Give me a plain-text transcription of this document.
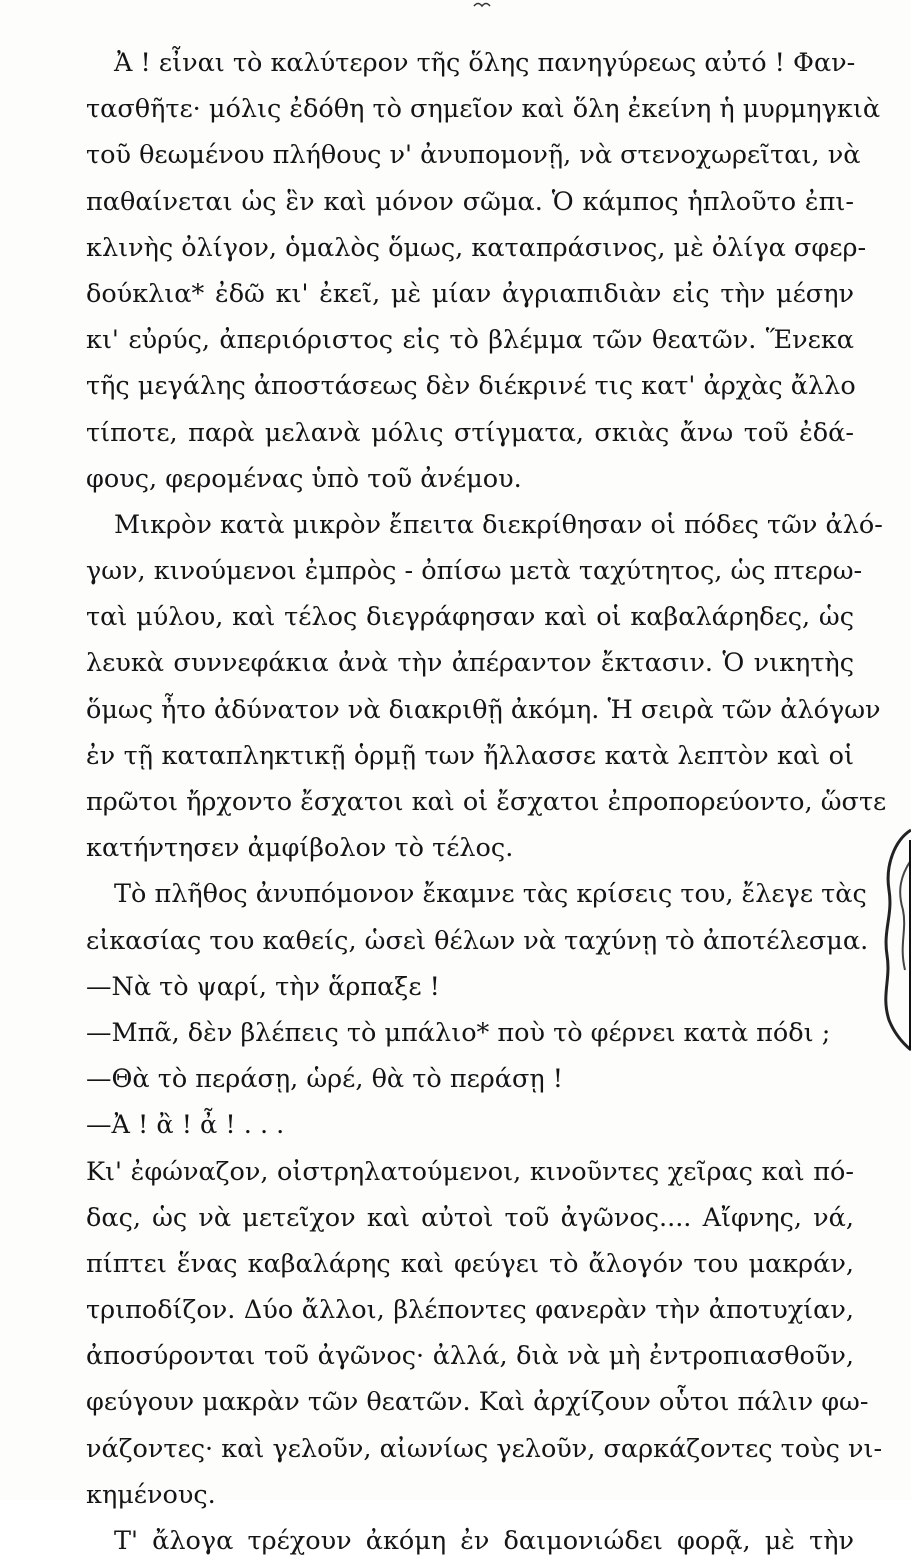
Ἀ ! εἶναι τὸ καλύτερον τῆς ὅλης πανηγύρεως αὐτό ! Φαν-
τασθῆτε· μόλις ἐδόθη τὸ σημεῖον καὶ ὅλη ἐκείνη ἡ μυρμηγκιὰ
τοῦ θεωμένου πλήθους ν' ἀνυπομονῇ, νὰ στενοχωρεῖται, νὰ
παθαίνεται ὡς ἓν καὶ μόνον σῶμα. Ὁ κάμπος ἡπλοῦτο ἐπι-
κλινὴς ὀλίγον, ὁμαλὸς ὅμως, καταπράσινος, μὲ ὀλίγα σφερ-
δούκλια* ἐδῶ κι' ἐκεῖ, μὲ μίαν ἀγριαπιδιὰν εἰς τὴν μέσην
κι' εὐρύς, ἀπεριόριστος εἰς τὸ βλέμμα τῶν θεατῶν. Ἕνεκα
τῆς μεγάλης ἀποστάσεως δὲν διέκρινέ τις κατ' ἀρχὰς ἄλλο
τίποτε, παρὰ μελανὰ μόλις στίγματα, σκιὰς ἄνω τοῦ ἐδά-
φους, φερομένας ὑπὸ τοῦ ἀνέμου.
Μικρὸν κατὰ μικρὸν ἔπειτα διεκρίθησαν οἱ πόδες τῶν ἀλό-
γων, κινούμενοι ἐμπρὸς - ὀπίσω μετὰ ταχύτητος, ὡς πτερω-
ταὶ μύλου, καὶ τέλος διεγράφησαν καὶ οἱ καβαλάρηδες, ὡς
λευκὰ συννεφάκια ἀνὰ τὴν ἀπέραντον ἔκτασιν. Ὁ νικητὴς
ὅμως ἦτο ἀδύνατον νὰ διακριθῇ ἀκόμη. Ἡ σειρὰ τῶν ἀλόγων
ἐν τῇ καταπληκτικῇ ὁρμῇ των ἤλλασσε κατὰ λεπτὸν καὶ οἱ
πρῶτοι ἤρχοντο ἔσχατοι καὶ οἱ ἔσχατοι ἐπροπορεύοντο, ὥστε
κατήντησεν ἀμφίβολον τὸ τέλος.
Τὸ πλῆθος ἀνυπόμονον ἔκαμνε τὰς κρίσεις του, ἔλεγε τὰς
εἰκασίας του καθείς, ὡσεὶ θέλων νὰ ταχύνῃ τὸ ἀποτέλεσμα.
—Νὰ τὸ ψαρί, τὴν ἅρπαξε !
—Μπᾶ, δὲν βλέπεις τὸ μπάλιο* ποὺ τὸ φέρνει κατὰ πόδι ;
—Θὰ τὸ περάσῃ, ὡρέ, θὰ τὸ περάσῃ !
—Ἀ ! ἂ ! ἆ ! . . .
Κι' ἐφώναζον, οἰστρηλατούμενοι, κινοῦντες χεῖρας καὶ πό-
δας, ὡς νὰ μετεῖχον καὶ αὐτοὶ τοῦ ἀγῶνος.... Αἴφνης, νά,
πίπτει ἕνας καβαλάρης καὶ φεύγει τὸ ἄλογόν του μακράν,
τριποδίζον. Δύο ἄλλοι, βλέποντες φανερὰν τὴν ἀποτυχίαν,
ἀποσύρονται τοῦ ἀγῶνος· ἀλλά, διὰ νὰ μὴ ἐντροπιασθοῦν,
φεύγουν μακρὰν τῶν θεατῶν. Καὶ ἀρχίζουν οὗτοι πάλιν φω-
νάζοντες· καὶ γελοῦν, αἰωνίως γελοῦν, σαρκάζοντες τοὺς νι-
κημένους.
Τ' ἄλογα τρέχουν ἀκόμη ἐν δαιμονιώδει φορᾷ, μὲ τὴν
